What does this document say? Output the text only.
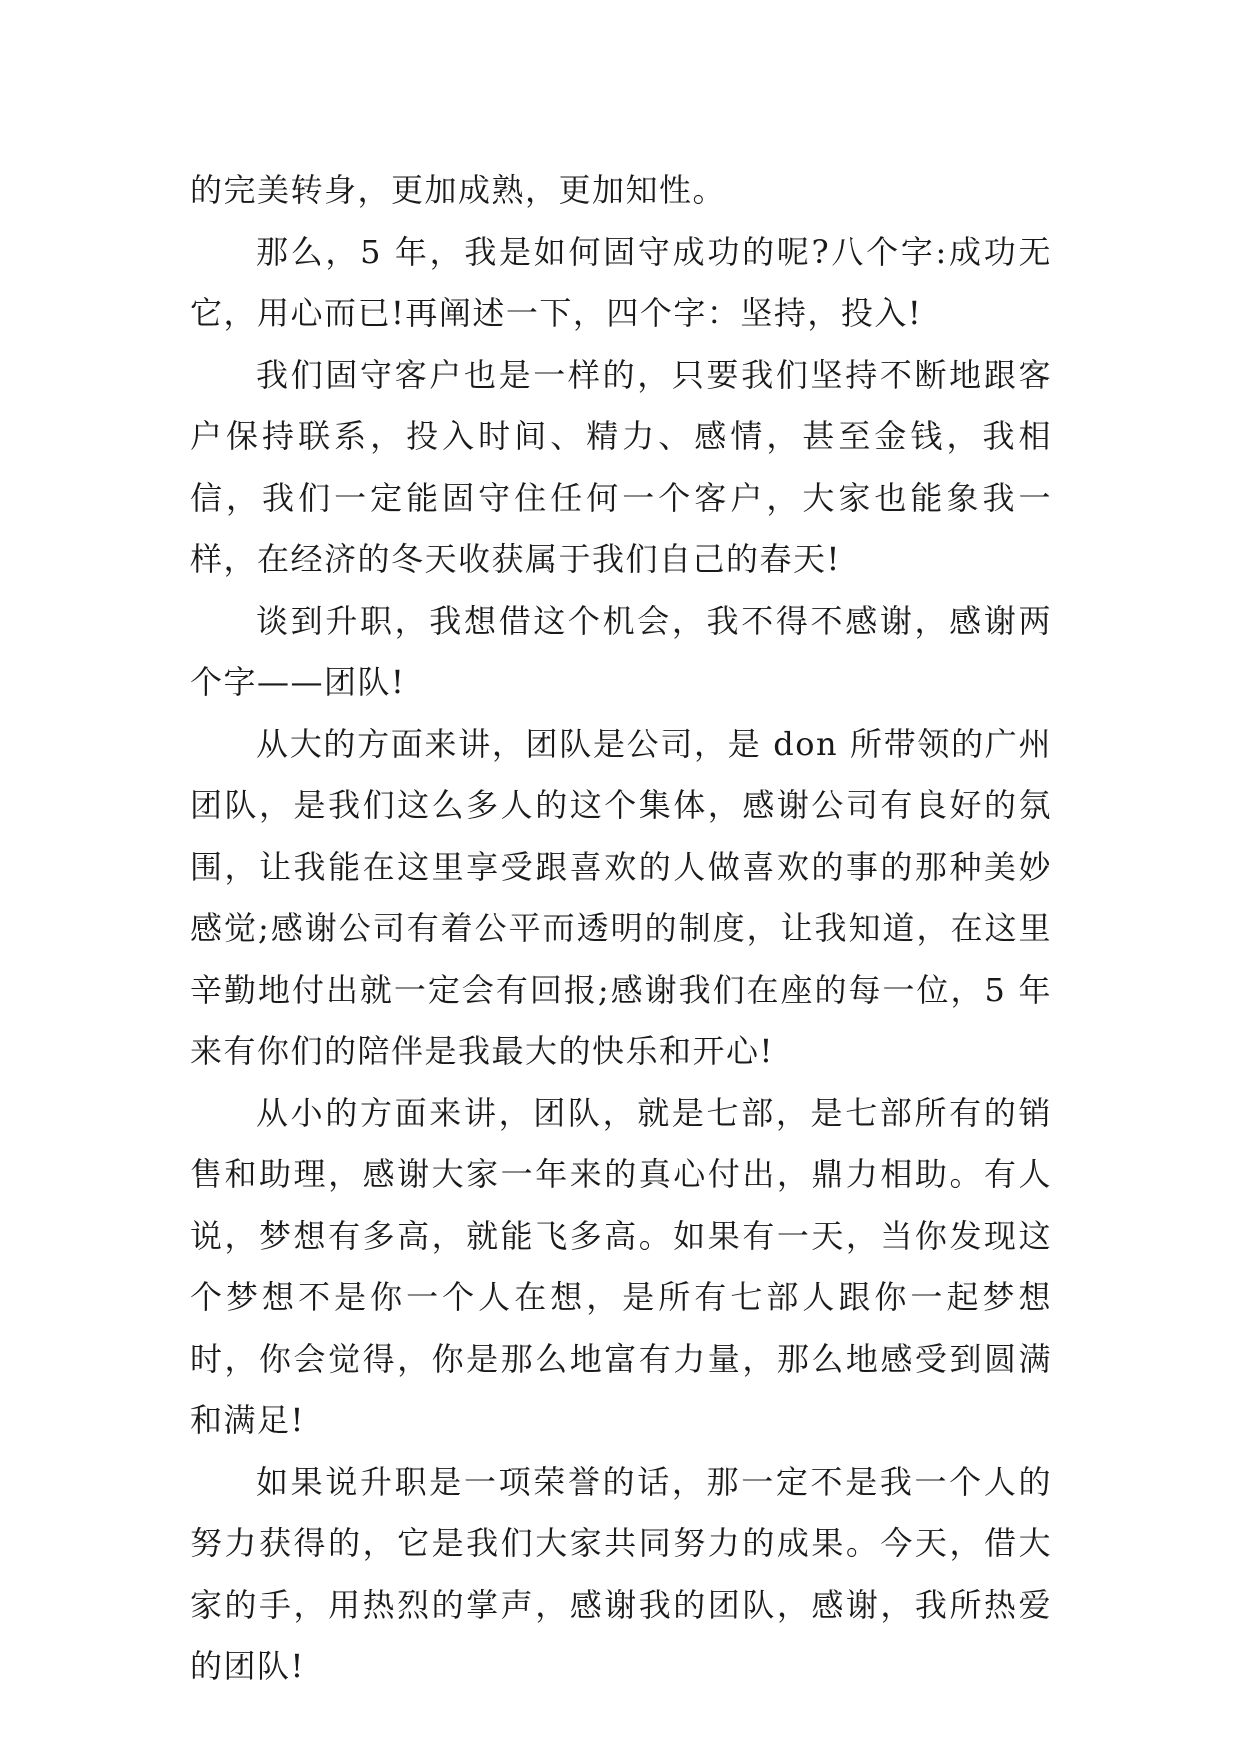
的完美转身，更加成熟，更加知性。

那么，5 年，我是如何固守成功的呢?八个字:成功无它，用心而已!再阐述一下，四个字：坚持，投入!

我们固守客户也是一样的，只要我们坚持不断地跟客户保持联系，投入时间、精力、感情，甚至金钱，我相信，我们一定能固守住任何一个客户，大家也能象我一样，在经济的冬天收获属于我们自己的春天!

谈到升职，我想借这个机会，我不得不感谢，感谢两个字——团队!

从大的方面来讲，团队是公司，是 don 所带领的广州团队，是我们这么多人的这个集体，感谢公司有良好的氛围，让我能在这里享受跟喜欢的人做喜欢的事的那种美妙感觉;感谢公司有着公平而透明的制度，让我知道，在这里辛勤地付出就一定会有回报;感谢我们在座的每一位，5 年来有你们的陪伴是我最大的快乐和开心!

从小的方面来讲，团队，就是七部，是七部所有的销售和助理，感谢大家一年来的真心付出，鼎力相助。有人说，梦想有多高，就能飞多高。如果有一天，当你发现这个梦想不是你一个人在想，是所有七部人跟你一起梦想时，你会觉得，你是那么地富有力量，那么地感受到圆满和满足!

如果说升职是一项荣誉的话，那一定不是我一个人的努力获得的，它是我们大家共同努力的成果。今天，借大家的手，用热烈的掌声，感谢我的团队，感谢，我所热爱的团队!
